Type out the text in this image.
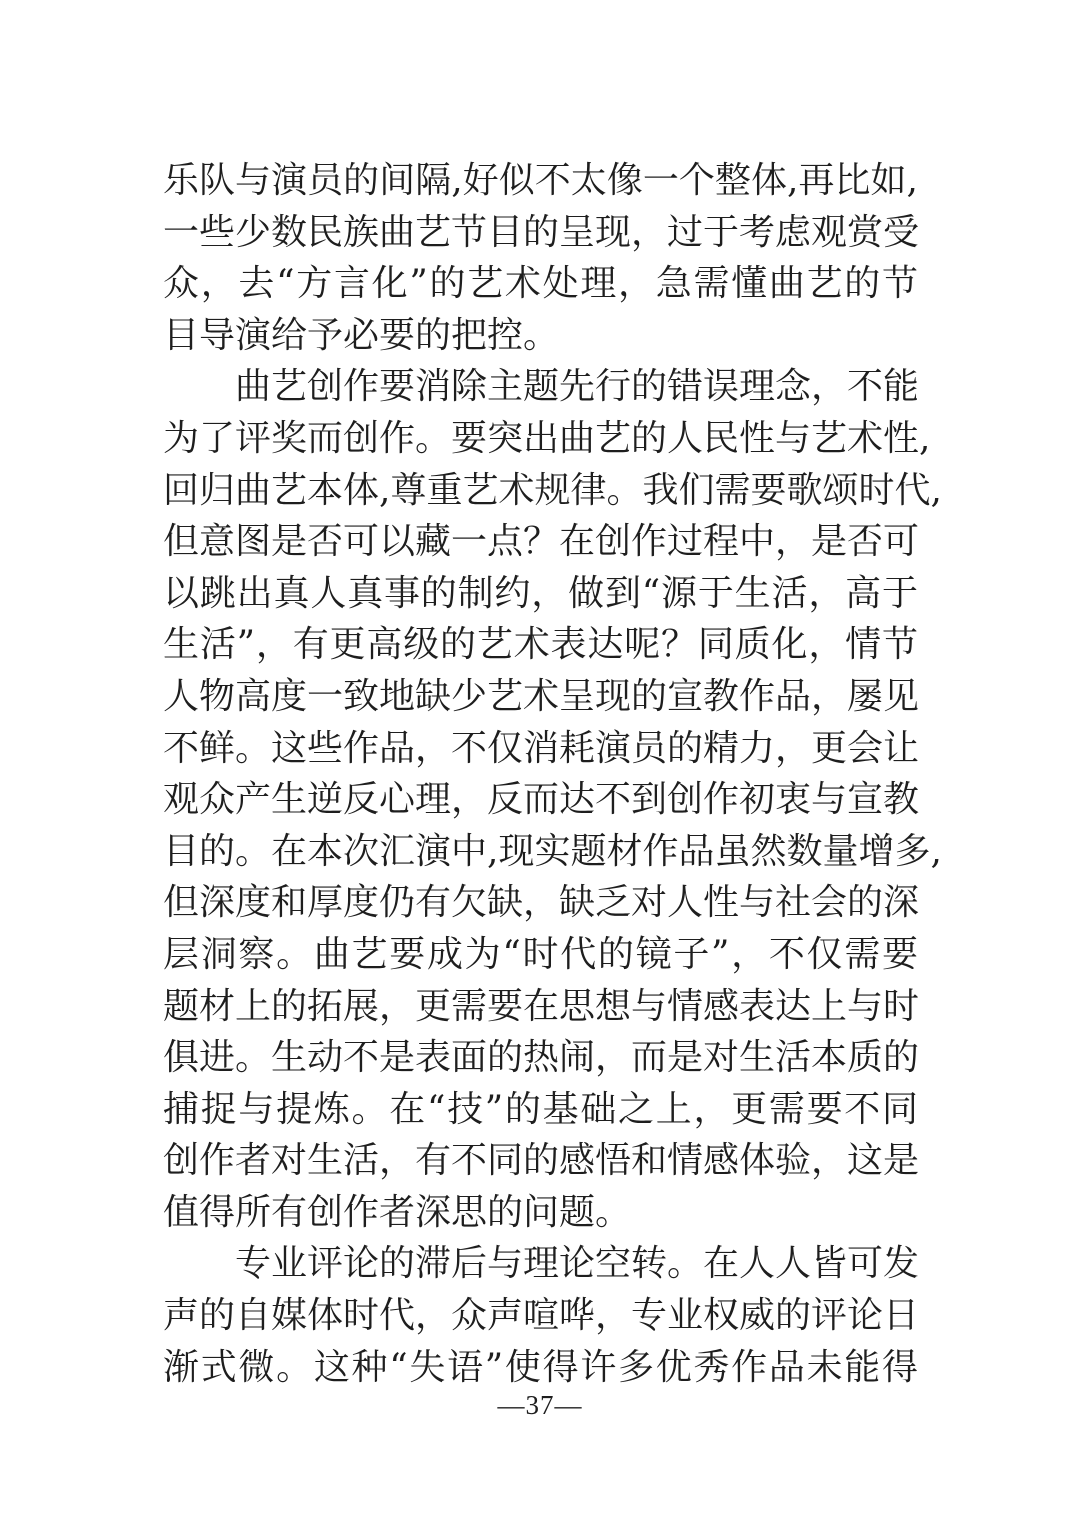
乐队与演员的间隔,好似不太像一个整体,再比如,
一些少数民族曲艺节目的呈现，过于考虑观赏受
众，去“方言化”的艺术处理，急需懂曲艺的节
目导演给予必要的把控。
曲艺创作要消除主题先行的错误理念，不能
为了评奖而创作。要突出曲艺的人民性与艺术性,
回归曲艺本体,尊重艺术规律。我们需要歌颂时代,
但意图是否可以藏一点？在创作过程中，是否可
以跳出真人真事的制约，做到“源于生活，高于
生活”，有更高级的艺术表达呢？同质化，情节
人物高度一致地缺少艺术呈现的宣教作品，屡见
不鲜。这些作品，不仅消耗演员的精力，更会让
观众产生逆反心理，反而达不到创作初衷与宣教
目的。在本次汇演中,现实题材作品虽然数量增多,
但深度和厚度仍有欠缺，缺乏对人性与社会的深
层洞察。曲艺要成为“时代的镜子”，不仅需要
题材上的拓展，更需要在思想与情感表达上与时
俱进。生动不是表面的热闹，而是对生活本质的
捕捉与提炼。在“技”的基础之上，更需要不同
创作者对生活，有不同的感悟和情感体验，这是
值得所有创作者深思的问题。
专业评论的滞后与理论空转。在人人皆可发
声的自媒体时代，众声喧哗，专业权威的评论日
渐式微。这种“失语”使得许多优秀作品未能得
—37—
